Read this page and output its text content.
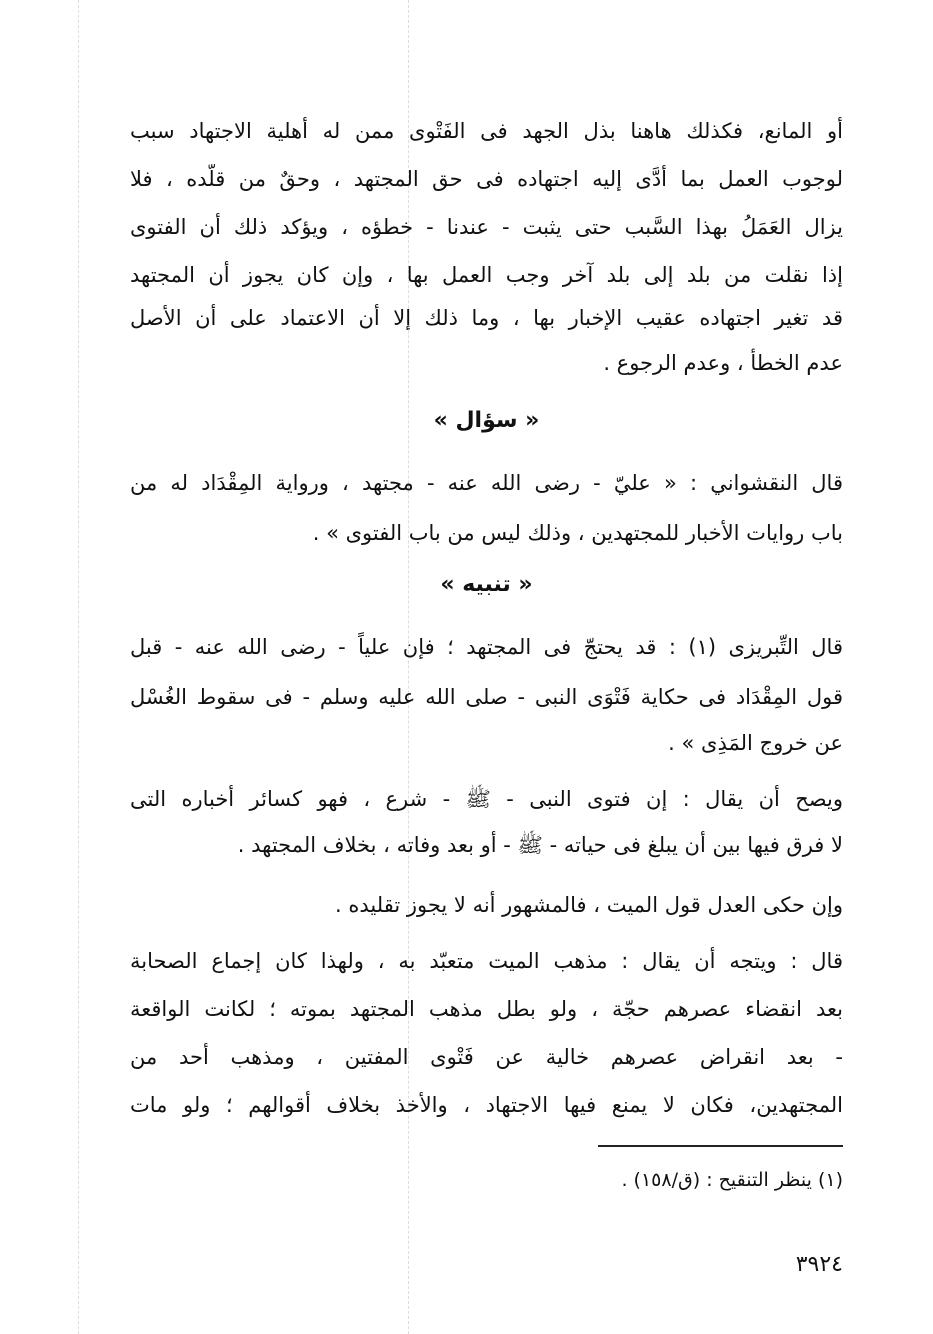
أو المانع، فكذلك هاهنا بذل الجهد فى الفَتْوى ممن له أهلية الاجتهاد سبب
لوجوب العمل بما أدَّى إليه اجتهاده فى حق المجتهد ، وحقٌ من قلَّده ، فلا
يزال العَمَلُ بهذا السَّبب حتى يثبت - عندنا - خطؤه ، ويؤكد ذلك أن الفتوى
إذا نقلت من بلد إلى بلد آخر وجب العمل بها ، وإن كان يجوز أن المجتهد
قد تغير اجتهاده عقيب الإخبار بها ، وما ذلك إلا أن الاعتماد على أن الأصل
عدم الخطأ ، وعدم الرجوع .
« سؤال »
قال النقشواني : « عليّ - رضى الله عنه - مجتهد ، ورواية المِقْدَاد له من
باب روايات الأخبار للمجتهدين ، وذلك ليس من باب الفتوى » .
« تنبيه »
قال التِّبريزى (١) : قد يحتجّ فى المجتهد ؛ فإن علياً - رضى الله عنه - قبل
قول المِقْدَاد فى حكاية فَتْوَى النبى - صلى الله عليه وسلم - فى سقوط الغُسْل
عن خروج المَذِى » .
ويصح أن يقال : إن فتوى النبى - ﷺ - شرع ، فهو كسائر أخباره التى
لا فرق فيها بين أن يبلغ فى حياته - ﷺ - أو بعد وفاته ، بخلاف المجتهد .
وإن حكى العدل قول الميت ، فالمشهور أنه لا يجوز تقليده .
قال : ويتجه أن يقال : مذهب الميت متعبّد به ، ولهذا كان إجماع الصحابة
بعد انقضاء عصرهم حجّة ، ولو بطل مذهب المجتهد بموته ؛ لكانت الواقعة
- بعد انقراض عصرهم خالية عن فَتْوى المفتين ، ومذهب أحد من
المجتهدين، فكان لا يمنع فيها الاجتهاد ، والأخذ بخلاف أقوالهم ؛ ولو مات
(١) ينظر التنقيح : (ق/١٥٨) .
٣٩٢٤
